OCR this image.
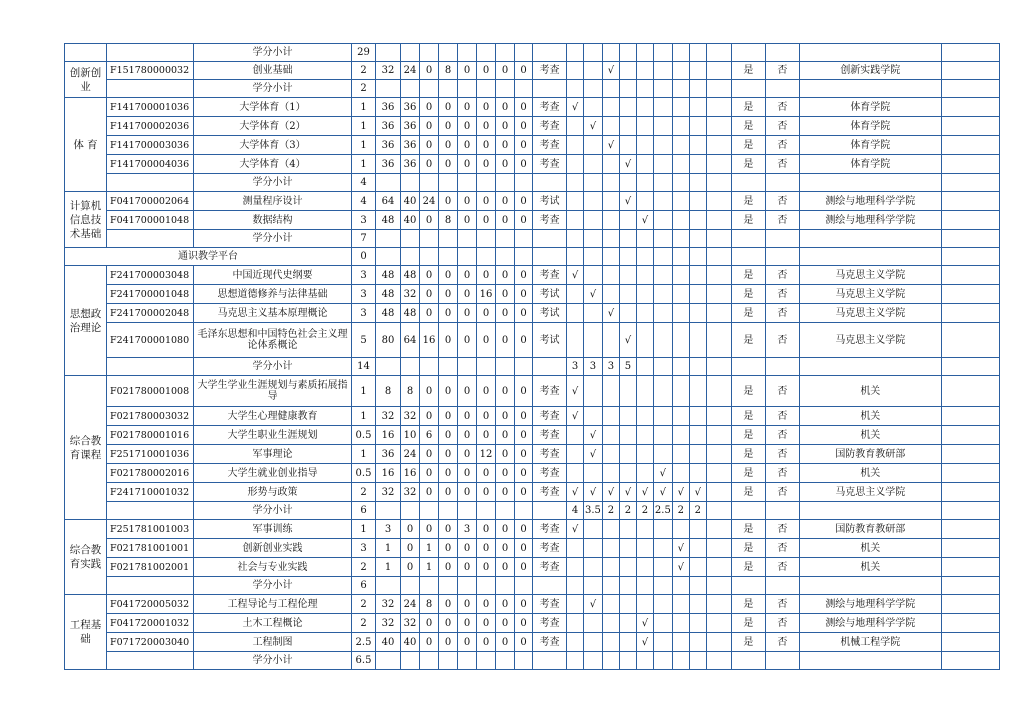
		学分小计	29																						
创新创业	F151780000032	创业基础	2	32	24	0	8	0	0	0	0	考查			√							是	否	创新实践学院	
		学分小计	2																						
体 育	F141700001036	大学体育（1）	1	36	36	0	0	0	0	0	0	考查	√									是	否	体育学院	
	F141700002036	大学体育（2）	1	36	36	0	0	0	0	0	0	考查		√								是	否	体育学院	
	F141700003036	大学体育（3）	1	36	36	0	0	0	0	0	0	考查			√							是	否	体育学院	
	F141700004036	大学体育（4）	1	36	36	0	0	0	0	0	0	考查				√						是	否	体育学院	
		学分小计	4																						
计算机信息技术基础	F041700002064	测量程序设计	4	64	40	24	0	0	0	0	0	考试				√						是	否	测绘与地理科学学院	
	F041700001048	数据结构	3	48	40	0	8	0	0	0	0	考查					√					是	否	测绘与地理科学学院	
		学分小计	7																						
通识教学平台			0																						
思想政治理论	F241700003048	中国近现代史纲要	3	48	48	0	0	0	0	0	0	考查	√									是	否	马克思主义学院	
	F241700001048	思想道德修养与法律基础	3	48	32	0	0	0	16	0	0	考试		√								是	否	马克思主义学院	
	F241700002048	马克思主义基本原理概论	3	48	48	0	0	0	0	0	0	考试			√							是	否	马克思主义学院	
	F241700001080	毛泽东思想和中国特色社会主义理论体系概论	5	80	64	16	0	0	0	0	0	考试				√						是	否	马克思主义学院	
		学分小计	14										3	3	3	5									
综合教育课程	F021780001008	大学生学业生涯规划与素质拓展指导	1	8	8	0	0	0	0	0	0	考查	√									是	否	机关	
	F021780003032	大学生心理健康教育	1	32	32	0	0	0	0	0	0	考查	√									是	否	机关	
	F021780001016	大学生职业生涯规划	0.5	16	10	6	0	0	0	0	0	考查		√								是	否	机关	
	F251710001036	军事理论	1	36	24	0	0	0	12	0	0	考查		√								是	否	国防教育教研部	
	F021780002016	大学生就业创业指导	0.5	16	16	0	0	0	0	0	0	考查						√				是	否	机关	
	F241710001032	形势与政策	2	32	32	0	0	0	0	0	0	考查	√	√	√	√	√	√	√	√		是	否	马克思主义学院	
		学分小计	6										4	3.5	2	2	2	2.5	2	2					
综合教育实践	F251781001003	军事训练	1	3	0	0	0	3	0	0	0	考查	√									是	否	国防教育教研部	
	F021781001001	创新创业实践	3	1	0	1	0	0	0	0	0	考查							√			是	否	机关	
	F021781002001	社会与专业实践	2	1	0	1	0	0	0	0	0	考查							√			是	否	机关	
		学分小计	6																						
工程基础	F041720005032	工程导论与工程伦理	2	32	24	8	0	0	0	0	0	考查		√								是	否	测绘与地理科学学院	
	F041720001032	土木工程概论	2	32	32	0	0	0	0	0	0	考查					√					是	否	测绘与地理科学学院	
	F071720003040	工程制图	2.5	40	40	0	0	0	0	0	0	考查					√					是	否	机械工程学院	
		学分小计	6.5																						
